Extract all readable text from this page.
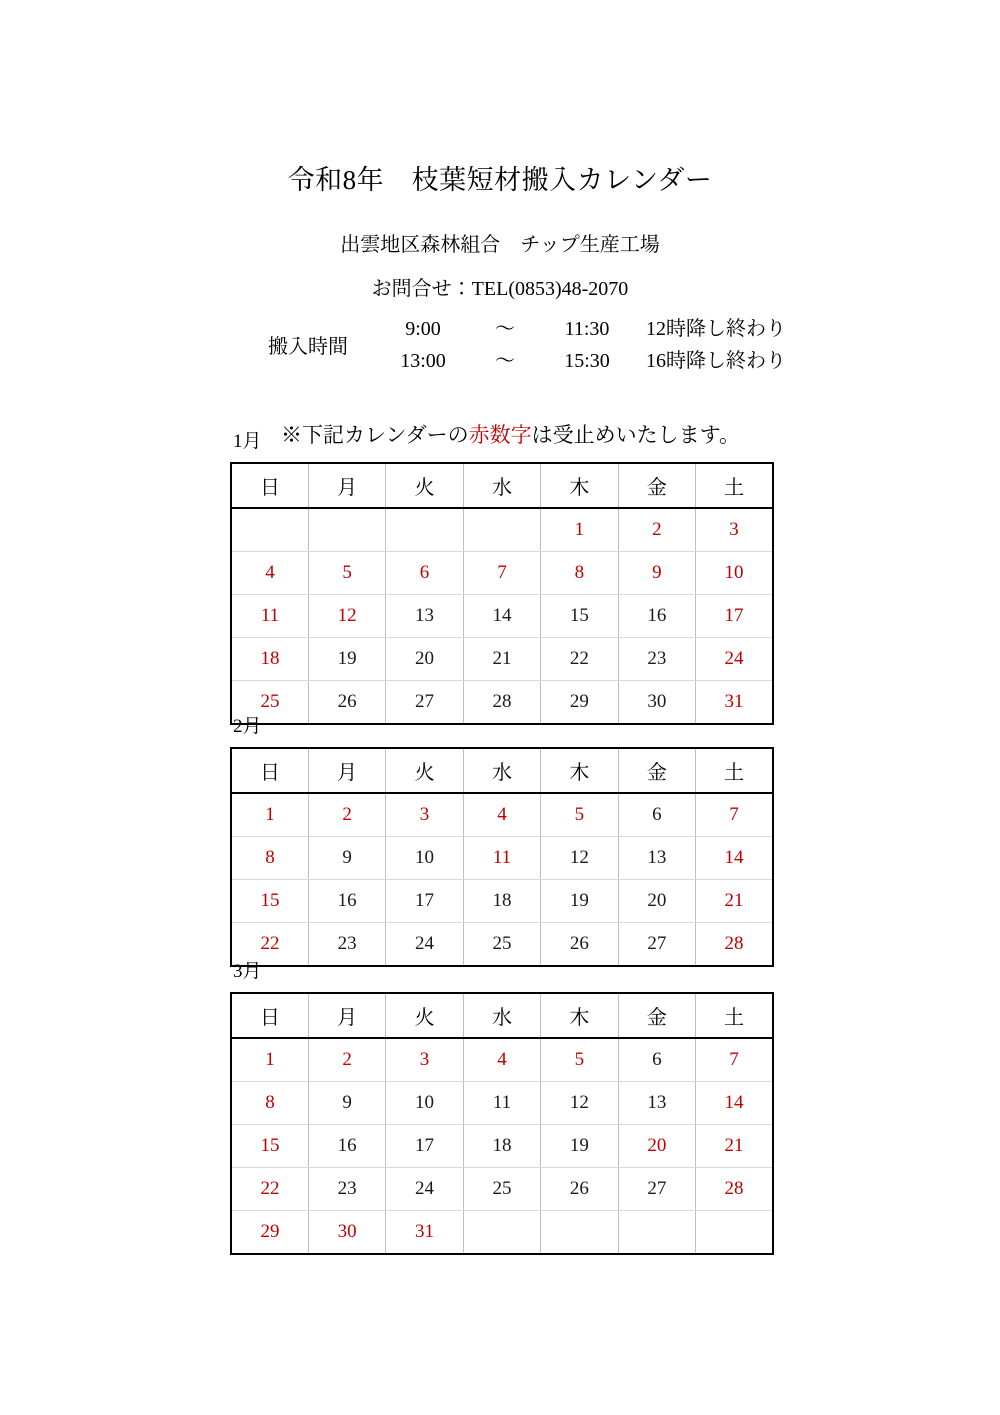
令和8年　枝葉短材搬入カレンダー
出雲地区森林組合　チップ生産工場
お問合せ：TEL(0853)48-2070
搬入時間
9:00	〜	11:30	12時降し終わり
13:00	〜	15:30	16時降し終わり

※下記カレンダーの赤数字は受止めいたします。

1月
日	月	火	水	木	金	土
				1	2	3
4	5	6	7	8	9	10
11	12	13	14	15	16	17
18	19	20	21	22	23	24
25	26	27	28	29	30	31
2月
日	月	火	水	木	金	土
1	2	3	4	5	6	7
8	9	10	11	12	13	14
15	16	17	18	19	20	21
22	23	24	25	26	27	28
3月
日	月	火	水	木	金	土
1	2	3	4	5	6	7
8	9	10	11	12	13	14
15	16	17	18	19	20	21
22	23	24	25	26	27	28
29	30	31				
